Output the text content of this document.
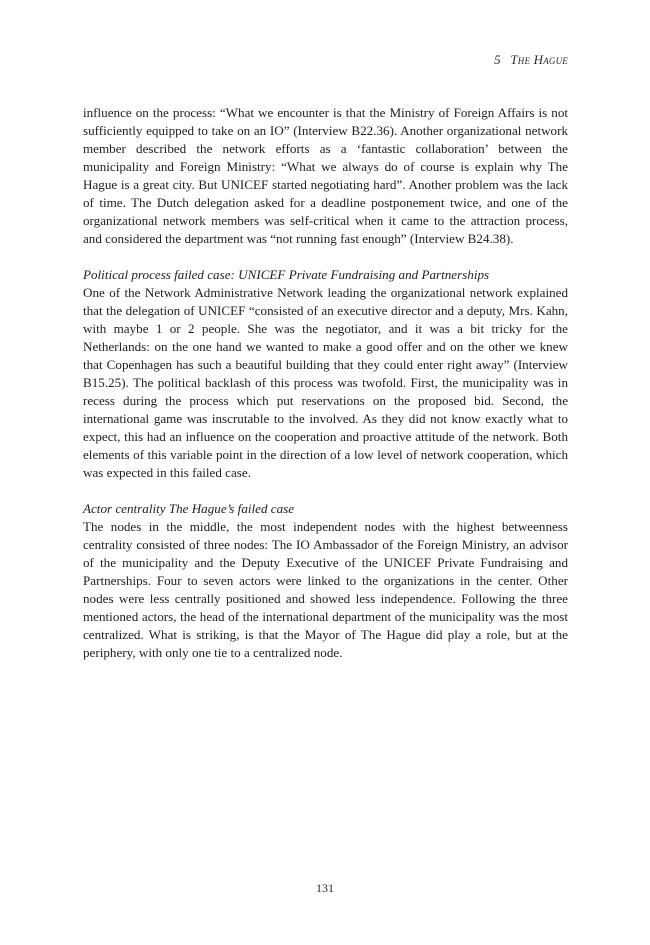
5 The Hague

influence on the process: “What we encounter is that the Ministry of Foreign Affairs is not sufficiently equipped to take on an IO” (Interview B22.36). Another organizational network member described the network efforts as a ‘fantastic collaboration’ between the municipality and Foreign Ministry: “What we always do of course is explain why The Hague is a great city. But UNICEF started negotiating hard”. Another problem was the lack of time. The Dutch delegation asked for a deadline postponement twice, and one of the organizational network members was self-critical when it came to the attraction process, and considered the department was “not running fast enough” (Interview B24.38).

Political process failed case: UNICEF Private Fundraising and Partnerships

One of the Network Administrative Network leading the organizational network explained that the delegation of UNICEF “consisted of an executive director and a deputy, Mrs. Kahn, with maybe 1 or 2 people. She was the negotiator, and it was a bit tricky for the Netherlands: on the one hand we wanted to make a good offer and on the other we knew that Copenhagen has such a beautiful building that they could enter right away” (Interview B15.25). The political backlash of this process was twofold. First, the municipality was in recess during the process which put reservations on the proposed bid. Second, the international game was inscrutable to the involved. As they did not know exactly what to expect, this had an influence on the cooperation and proactive attitude of the network. Both elements of this variable point in the direction of a low level of network cooperation, which was expected in this failed case.

Actor centrality The Hague’s failed case

The nodes in the middle, the most independent nodes with the highest betweenness centrality consisted of three nodes: The IO Ambassador of the Foreign Ministry, an advisor of the municipality and the Deputy Executive of the UNICEF Private Fundraising and Partnerships. Four to seven actors were linked to the organizations in the center. Other nodes were less centrally positioned and showed less independence. Following the three mentioned actors, the head of the international department of the municipality was the most centralized. What is striking, is that the Mayor of The Hague did play a role, but at the periphery, with only one tie to a centralized node.

131
